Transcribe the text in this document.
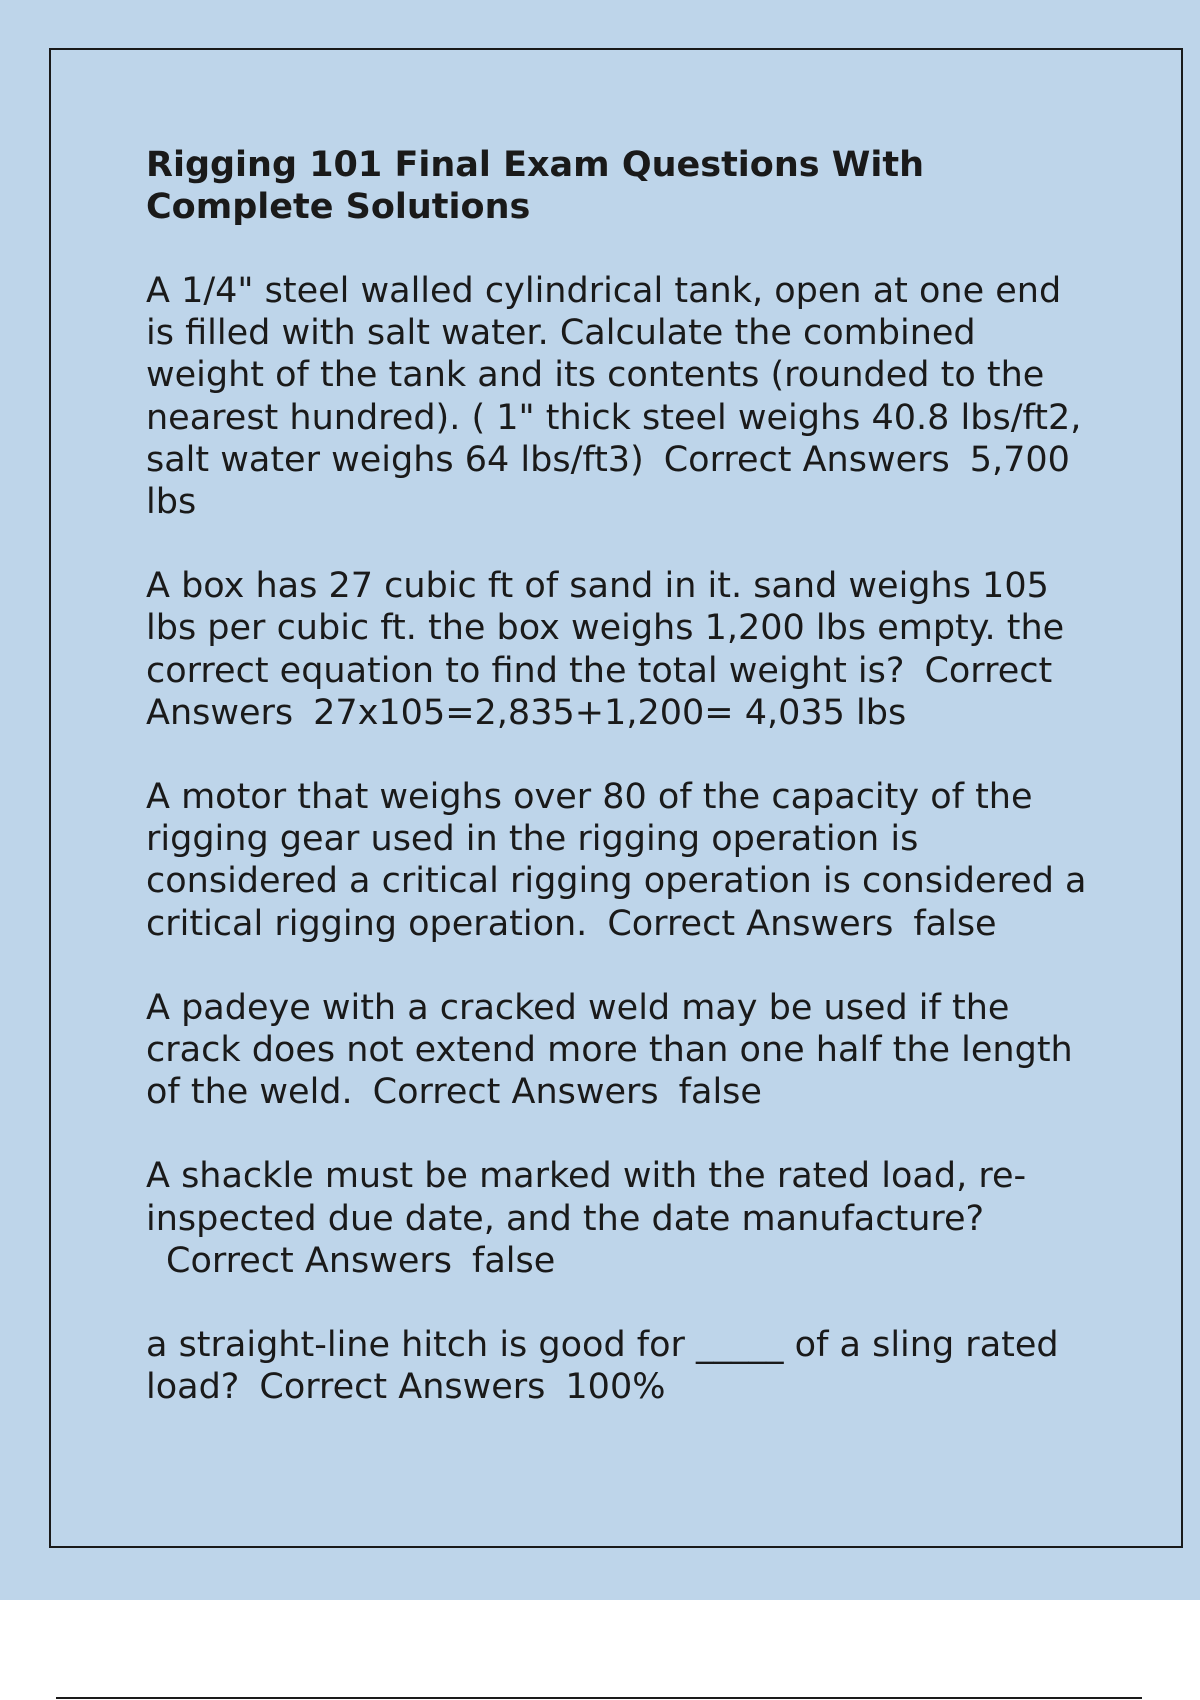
Rigging 101 Final Exam Questions With Complete Solutions
A 1/4" steel walled cylindrical tank, open at one end is filled with salt water. Calculate the combined weight of the tank and its contents (rounded to the nearest hundred). ( 1" thick steel weighs 40.8 lbs/ft2, salt water weighs 64 lbs/ft3) Correct Answers 5,700 lbs
A box has 27 cubic ft of sand in it. sand weighs 105 lbs per cubic ft. the box weighs 1,200 lbs empty. the correct equation to find the total weight is? Correct Answers 27x105=2,835+1,200= 4,035 lbs
A motor that weighs over 80 of the capacity of the rigging gear used in the rigging operation is considered a critical rigging operation is considered a critical rigging operation. Correct Answers false
A padeye with a cracked weld may be used if the crack does not extend more than one half the length of the weld. Correct Answers false
A shackle must be marked with the rated load, re-inspected due date, and the date manufacture?Correct Answers false
a straight-line hitch is good for _____ of a sling rated load? Correct Answers 100%
